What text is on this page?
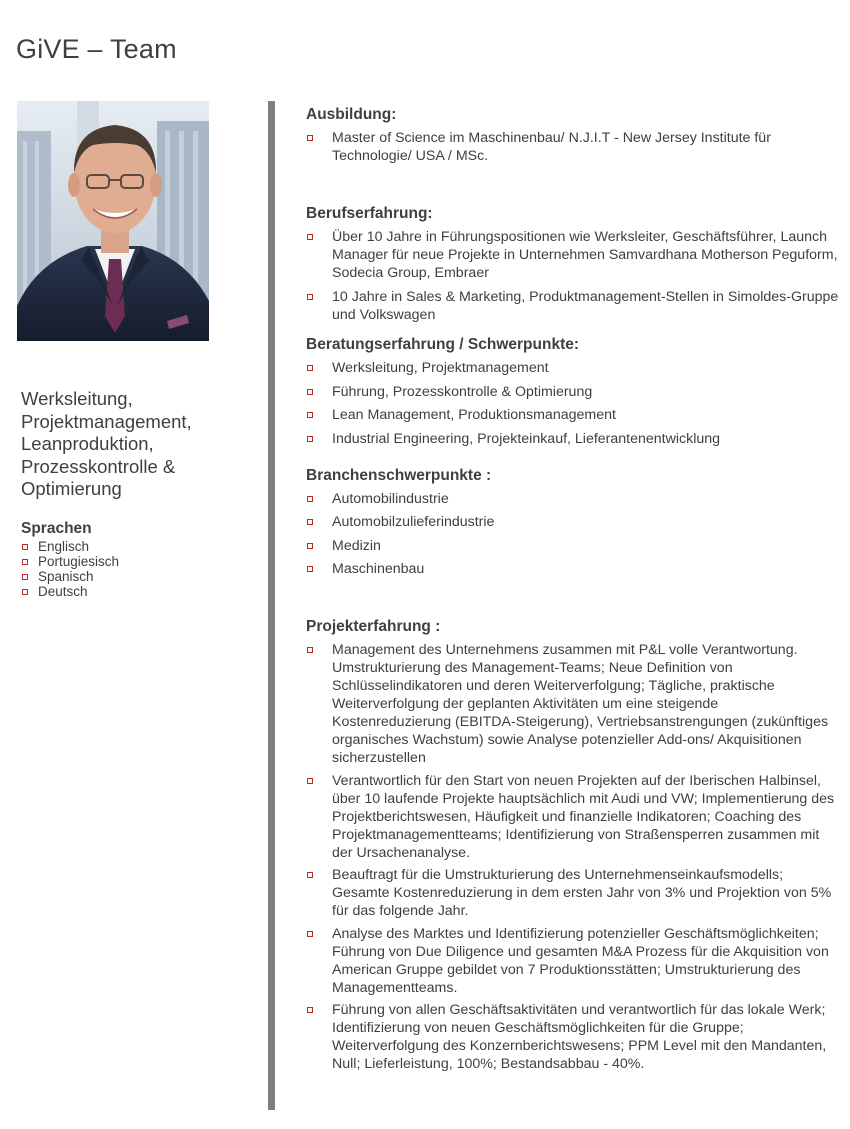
GiVE – Team
Werksleitung,
Projektmanagement,
Leanproduktion,
Prozesskontrolle &
Optimierung
Sprachen
Englisch
Portugiesisch
Spanisch
Deutsch
Ausbildung:
Master of Science im Maschinenbau/ N.J.I.T - New Jersey Institute für Technologie/ USA / MSc.
Berufserfahrung:
Über 10 Jahre in Führungspositionen wie Werksleiter, Geschäftsführer, Launch Manager für neue Projekte in Unternehmen Samvardhana Motherson Peguform, Sodecia Group, Embraer
10 Jahre in Sales & Marketing, Produktmanagement-Stellen in Simoldes-Gruppe und Volkswagen
Beratungserfahrung / Schwerpunkte:
Werksleitung, Projektmanagement
Führung, Prozesskontrolle & Optimierung
Lean Management, Produktionsmanagement
Industrial Engineering, Projekteinkauf, Lieferantenentwicklung
Branchenschwerpunkte :
Automobilindustrie
Automobilzulieferindustrie
Medizin
Maschinenbau
Projekterfahrung :
Management des Unternehmens zusammen mit P&L volle Verantwortung. Umstrukturierung des Management-Teams; Neue Definition von Schlüsselindikatoren und deren Weiterverfolgung; Tägliche, praktische Weiterverfolgung der geplanten Aktivitäten um eine steigende Kostenreduzierung (EBITDA-Steigerung), Vertriebsanstrengungen (zukünftiges organisches Wachstum) sowie Analyse potenzieller Add-ons/ Akquisitionen sicherzustellen
Verantwortlich für den Start von neuen Projekten auf der Iberischen Halbinsel, über 10 laufende Projekte hauptsächlich mit Audi und VW; Implementierung des Projektberichtswesen, Häufigkeit und finanzielle Indikatoren; Coaching des Projektmanagementteams; Identifizierung von Straßensperren zusammen mit der Ursachenanalyse.
Beauftragt für die Umstrukturierung des Unternehmenseinkaufsmodells; Gesamte Kostenreduzierung in dem ersten Jahr von 3% und Projektion von 5% für das folgende Jahr.
Analyse des Marktes und Identifizierung potenzieller Geschäftsmöglichkeiten; Führung von Due Diligence und gesamten M&A Prozess für die Akquisition von American Gruppe gebildet von 7 Produktionsstätten; Umstrukturierung des Managementteams.
Führung von allen Geschäftsaktivitäten und verantwortlich für das lokale Werk; Identifizierung von neuen Geschäftsmöglichkeiten für die Gruppe; Weiterverfolgung des Konzernberichtswesens; PPM Level mit den Mandanten, Null; Lieferleistung, 100%; Bestandsabbau - 40%.
